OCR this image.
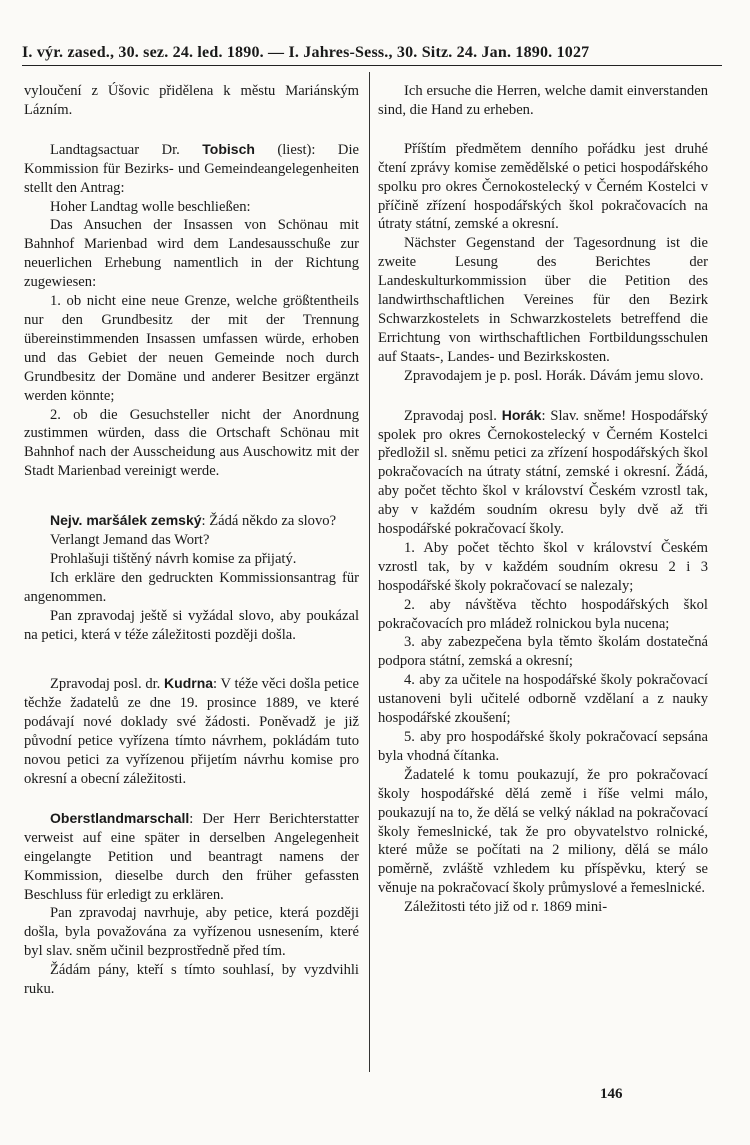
I. výr. zased., 30. sez. 24. led. 1890. — I. Jahres-Sess., 30. Sitz. 24. Jan. 1890. 1027

vyloučení z Úšovic přidělena k městu Mariánským Lázním.

Landtagsactuar Dr. Tobisch (liest): Die Kommission für Bezirks- und Gemeindeangelegenheiten stellt den Antrag:

Hoher Landtag wolle beschließen:

Das Ansuchen der Insassen von Schönau mit Bahnhof Marienbad wird dem Landesausschuße zur neuerlichen Erhebung namentlich in der Richtung zugewiesen:

1. ob nicht eine neue Grenze, welche größtentheils nur den Grundbesitz der mit der Trennung übereinstimmenden Insassen umfassen würde, erhoben und das Gebiet der neuen Gemeinde noch durch Grundbesitz der Domäne und anderer Besitzer ergänzt werden könnte;

2. ob die Gesuchsteller nicht der Anordnung zustimmen würden, dass die Ortschaft Schönau mit Bahnhof nach der Ausscheidung aus Auschowitz mit der Stadt Marienbad vereinigt werde.

Nejv. maršálek zemský: Žádá někdo za slovo?

Verlangt Jemand das Wort?

Prohlašuji tištěný návrh komise za přijatý.

Ich erkläre den gedruckten Kommissionsantrag für angenommen.

Pan zpravodaj ještě si vyžádal slovo, aby poukázal na petici, která v téže záležitosti později došla.

Zpravodaj posl. dr. Kudrna: V téže věci došla petice těchže žadatelů ze dne 19. prosince 1889, ve které podávají nové doklady své žádosti. Poněvadž je již původní petice vyřízena tímto návrhem, pokládám tuto novou petici za vyřízenou přijetím návrhu komise pro okresní a obecní záležitosti.

Oberstlandmarschall: Der Herr Berichterstatter verweist auf eine später in derselben Angelegenheit eingelangte Petition und beantragt namens der Kommission, dieselbe durch den früher gefassten Beschluss für erledigt zu erklären.

Pan zpravodaj navrhuje, aby petice, která později došla, byla považována za vyřízenou usnesením, které byl slav. sněm učinil bezprostředně před tím.

Žádám pány, kteří s tímto souhlasí, by vyzdvihli ruku.

Ich ersuche die Herren, welche damit einverstanden sind, die Hand zu erheben.

Příštím předmětem denního pořádku jest druhé čtení zprávy komise zemědělské o petici hospodářského spolku pro okres Černokostelecký v Černém Kostelci v příčině zřízení hospodářských škol pokračovacích na útraty státní, zemské a okresní.

Nächster Gegenstand der Tagesordnung ist die zweite Lesung des Berichtes der Landeskulturkommission über die Petition des landwirthschaftlichen Vereines für den Bezirk Schwarzkostelets in Schwarzkostelets betreffend die Errichtung von wirthschaftlichen Fortbildungsschulen auf Staats-, Landes- und Bezirkskosten.

Zpravodajem je p. posl. Horák. Dávám jemu slovo.

Zpravodaj posl. Horák: Slav. sněme! Hospodářský spolek pro okres Černokostelecký v Černém Kostelci předložil sl. sněmu petici za zřízení hospodářských škol pokračovacích na útraty státní, zemské i okresní. Žádá, aby počet těchto škol v království Českém vzrostl tak, aby v každém soudním okresu byly dvě až tři hospodářské pokračovací školy.

1. Aby počet těchto škol v království Českém vzrostl tak, by v každém soudním okresu 2 i 3 hospodářské školy pokračovací se nalezaly;

2. aby návštěva těchto hospodářských škol pokračovacích pro mládež rolnickou byla nucena;

3. aby zabezpečena byla těmto školám dostatečná podpora státní, zemská a okresní;

4. aby za učitele na hospodářské školy pokračovací ustanoveni byli učitelé odborně vzdělaní a z nauky hospodářské zkoušení;

5. aby pro hospodářské školy pokračovací sepsána byla vhodná čítanka.

Žadatelé k tomu poukazují, že pro pokračovací školy hospodářské dělá země i říše velmi málo, poukazují na to, že dělá se velký náklad na pokračovací školy řemeslnické, tak že pro obyvatelstvo rolnické, které může se počítati na 2 miliony, dělá se málo poměrně, zvláště vzhledem ku příspěvku, který se věnuje na pokračovací školy průmyslové a řemeslnické.

Záležitosti této již od r. 1869 mini-

146
